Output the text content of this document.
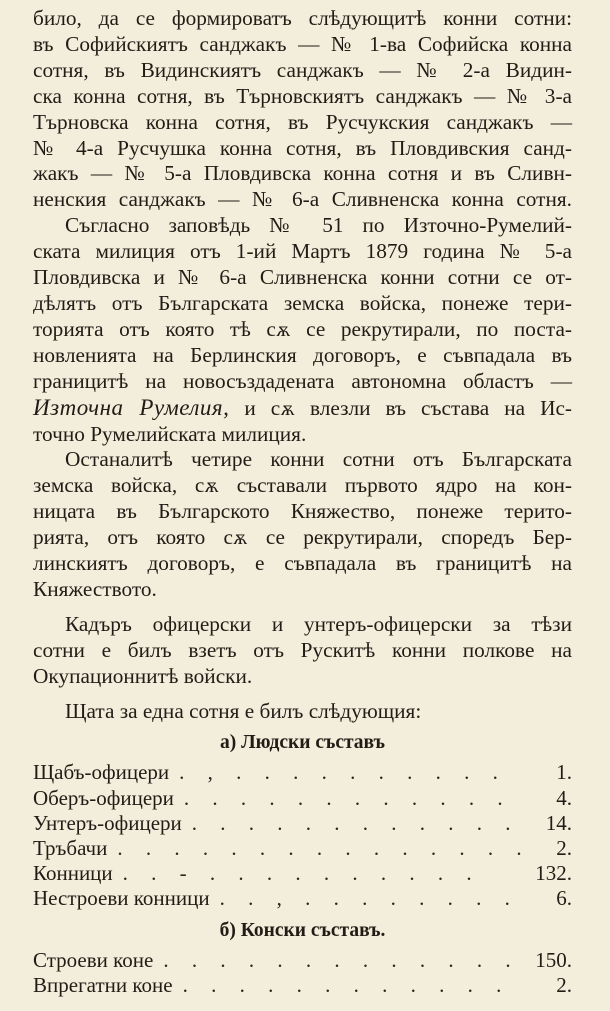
било, да се формироватъ слѣдующитѣ конни сотни:

въ Софийскиятъ санджакъ — № 1-ва Софийска конна

сотня, въ Видинскиятъ санджакъ — № 2-а Видин-

ска конна сотня, въ Търновскиятъ санджакъ — № 3-а

Търновска конна сотня, въ Русчукския санджакъ —

№ 4-а Русчушка конна сотня, въ Пловдивския санд-

жакъ — № 5-а Пловдивска конна сотня и въ Сливн-

ненския санджакъ — № 6-а Сливненска конна сотня.

Съгласно заповѣдь № 51 по Източно-Румелий-

ската милиция отъ 1-ий Мартъ 1879 година № 5-а

Пловдивска и № 6-а Сливненска конни сотни се от-

дѣлятъ отъ Българската земска войска, понеже тери-

торията отъ която тѣ сѫ се рекрутирали, по поста-

новленията на Берлинския договоръ, е съвпадала въ

границитѣ на новосъздадената автономна областъ —

Източна Румелия, и сѫ влезли въ състава на Ис-

точно Румелийската милиция.

Останалитѣ четире конни сотни отъ Българската

земска войска, сѫ съставали първото ядро на кон-

ницата въ Българското Княжество, понеже терито-

рията, отъ която сѫ се рекрутирали, споредъ Бер-

линскиятъ договоръ, е съвпадала въ границитѣ на

Княжеството.

Кадъръ офицерски и унтеръ-офицерски за тѣзи

сотни е билъ взетъ отъ Рускитѣ конни полкове на

Окупационнитѣ войски.

Щата за една сотня е билъ слѣдующия:

а) Людски съставъ
Щабъ-офицери . , . . . . . . . . . .	1.
Оберъ-офицери . . . . . . . . . . . .	4.
Унтеръ-офицери . . . . . . . . . . . .	14.
Тръбачи . . . . . . . . . . . . . . .	2.
Конници . . - . . . . . . . . . .	132.
Нестроеви конници . . , . . . . . . . .	6.
б) Конски съставъ.
Строеви коне . . . . . . . . . . . . . 150.
Впрегатни коне . . . . . . . . . . . .	2.
